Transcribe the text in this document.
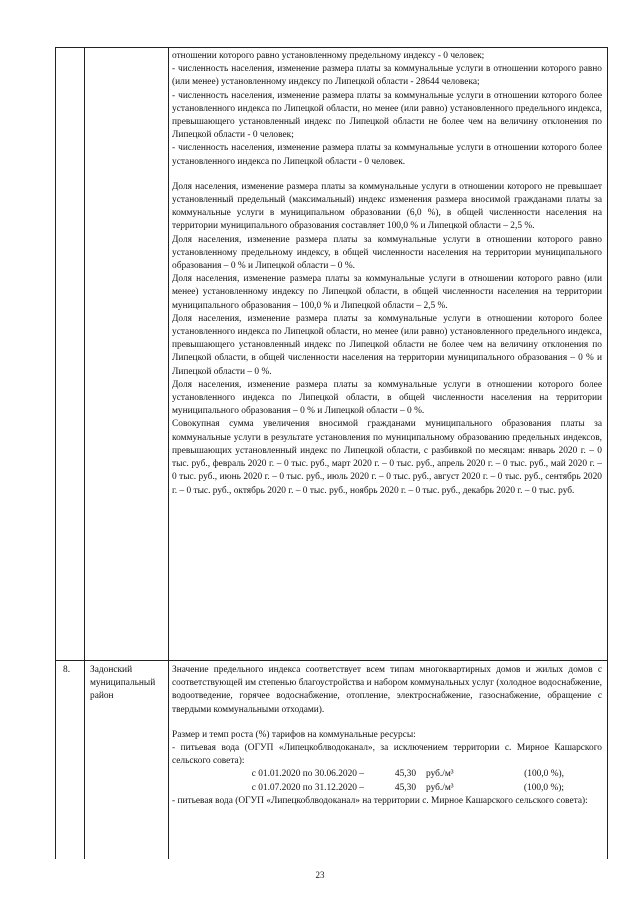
отношении которого равно установленному предельному индексу - 0 человек;

- численность населения, изменение размера платы за коммунальные услуги в отношении которого равно (или менее) установленному индексу по Липецкой области - 28644 человека;

- численность населения, изменение размера платы за коммунальные услуги в отношении которого более установленного индекса по Липецкой области, но менее (или равно) установленного предельного индекса, превышающего установленный индекс по Липецкой области не более чем на величину отклонения по Липецкой области - 0 человек;

- численность населения, изменение размера платы за коммунальные услуги в отношении которого более установленного индекса по Липецкой области - 0 человек.

Доля населения, изменение размера платы за коммунальные услуги в отношении которого не превышает установленный предельный (максимальный) индекс изменения размера вносимой гражданами платы за коммунальные услуги в муниципальном образовании (6,0 %), в общей численности населения на территории муниципального образования составляет 100,0 % и Липецкой области – 2,5 %.

Доля населения, изменение размера платы за коммунальные услуги в отношении которого равно установленному предельному индексу, в общей численности населения на территории муниципального образования – 0 % и Липецкой области – 0 %.

Доля населения, изменение размера платы за коммунальные услуги в отношении которого равно (или менее) установленному индексу по Липецкой области, в общей численности населения на территории муниципального образования – 100,0 % и Липецкой области – 2,5 %.

Доля населения, изменение размера платы за коммунальные услуги в отношении которого более установленного индекса по Липецкой области, но менее (или равно) установленного предельного индекса, превышающего установленный индекс по Липецкой области не более чем на величину отклонения по Липецкой области, в общей численности населения на территории муниципального образования – 0 % и Липецкой области – 0 %.

Доля населения, изменение размера платы за коммунальные услуги в отношении которого более установленного индекса по Липецкой области, в общей численности населения на территории муниципального образования – 0 % и Липецкой области – 0 %.

Совокупная сумма увеличения вносимой гражданами муниципального образования платы за коммунальные услуги в результате установления по муниципальному образованию предельных индексов, превышающих установленный индекс по Липецкой области, с разбивкой по месяцам: январь 2020 г. – 0 тыс. руб., февраль 2020 г. – 0 тыс. руб., март 2020 г. – 0 тыс. руб., апрель 2020 г. – 0 тыс. руб., май 2020 г. – 0 тыс. руб., июнь 2020 г. – 0 тыс. руб., июль 2020 г. – 0 тыс. руб., август 2020 г. – 0 тыс. руб., сентябрь 2020 г. – 0 тыс. руб., октябрь 2020 г. – 0 тыс. руб., ноябрь 2020 г. – 0 тыс. руб., декабрь 2020 г. – 0 тыс. руб.

8. Задонский муниципальный район

Значение предельного индекса соответствует всем типам многоквартирных домов и жилых домов с соответствующей им степенью благоустройства и набором коммунальных услуг (холодное водоснабжение, водоотведение, горячее водоснабжение, отопление, электроснабжение, газоснабжение, обращение с твердыми коммунальными отходами).

Размер и темп роста (%) тарифов на коммунальные ресурсы:

- питьевая вода (ОГУП «Липецкоблводоканал», за исключением территории с. Мирное Кашарского сельского совета):

с 01.01.2020 по 30.06.2020 –	45,30	руб./м³	(100,0 %),
с 01.07.2020 по 31.12.2020 –	45,30	руб./м³	(100,0 %);

- питьевая вода (ОГУП «Липецкоблводоканал» на территории с. Мирное Кашарского сельского совета):

23
